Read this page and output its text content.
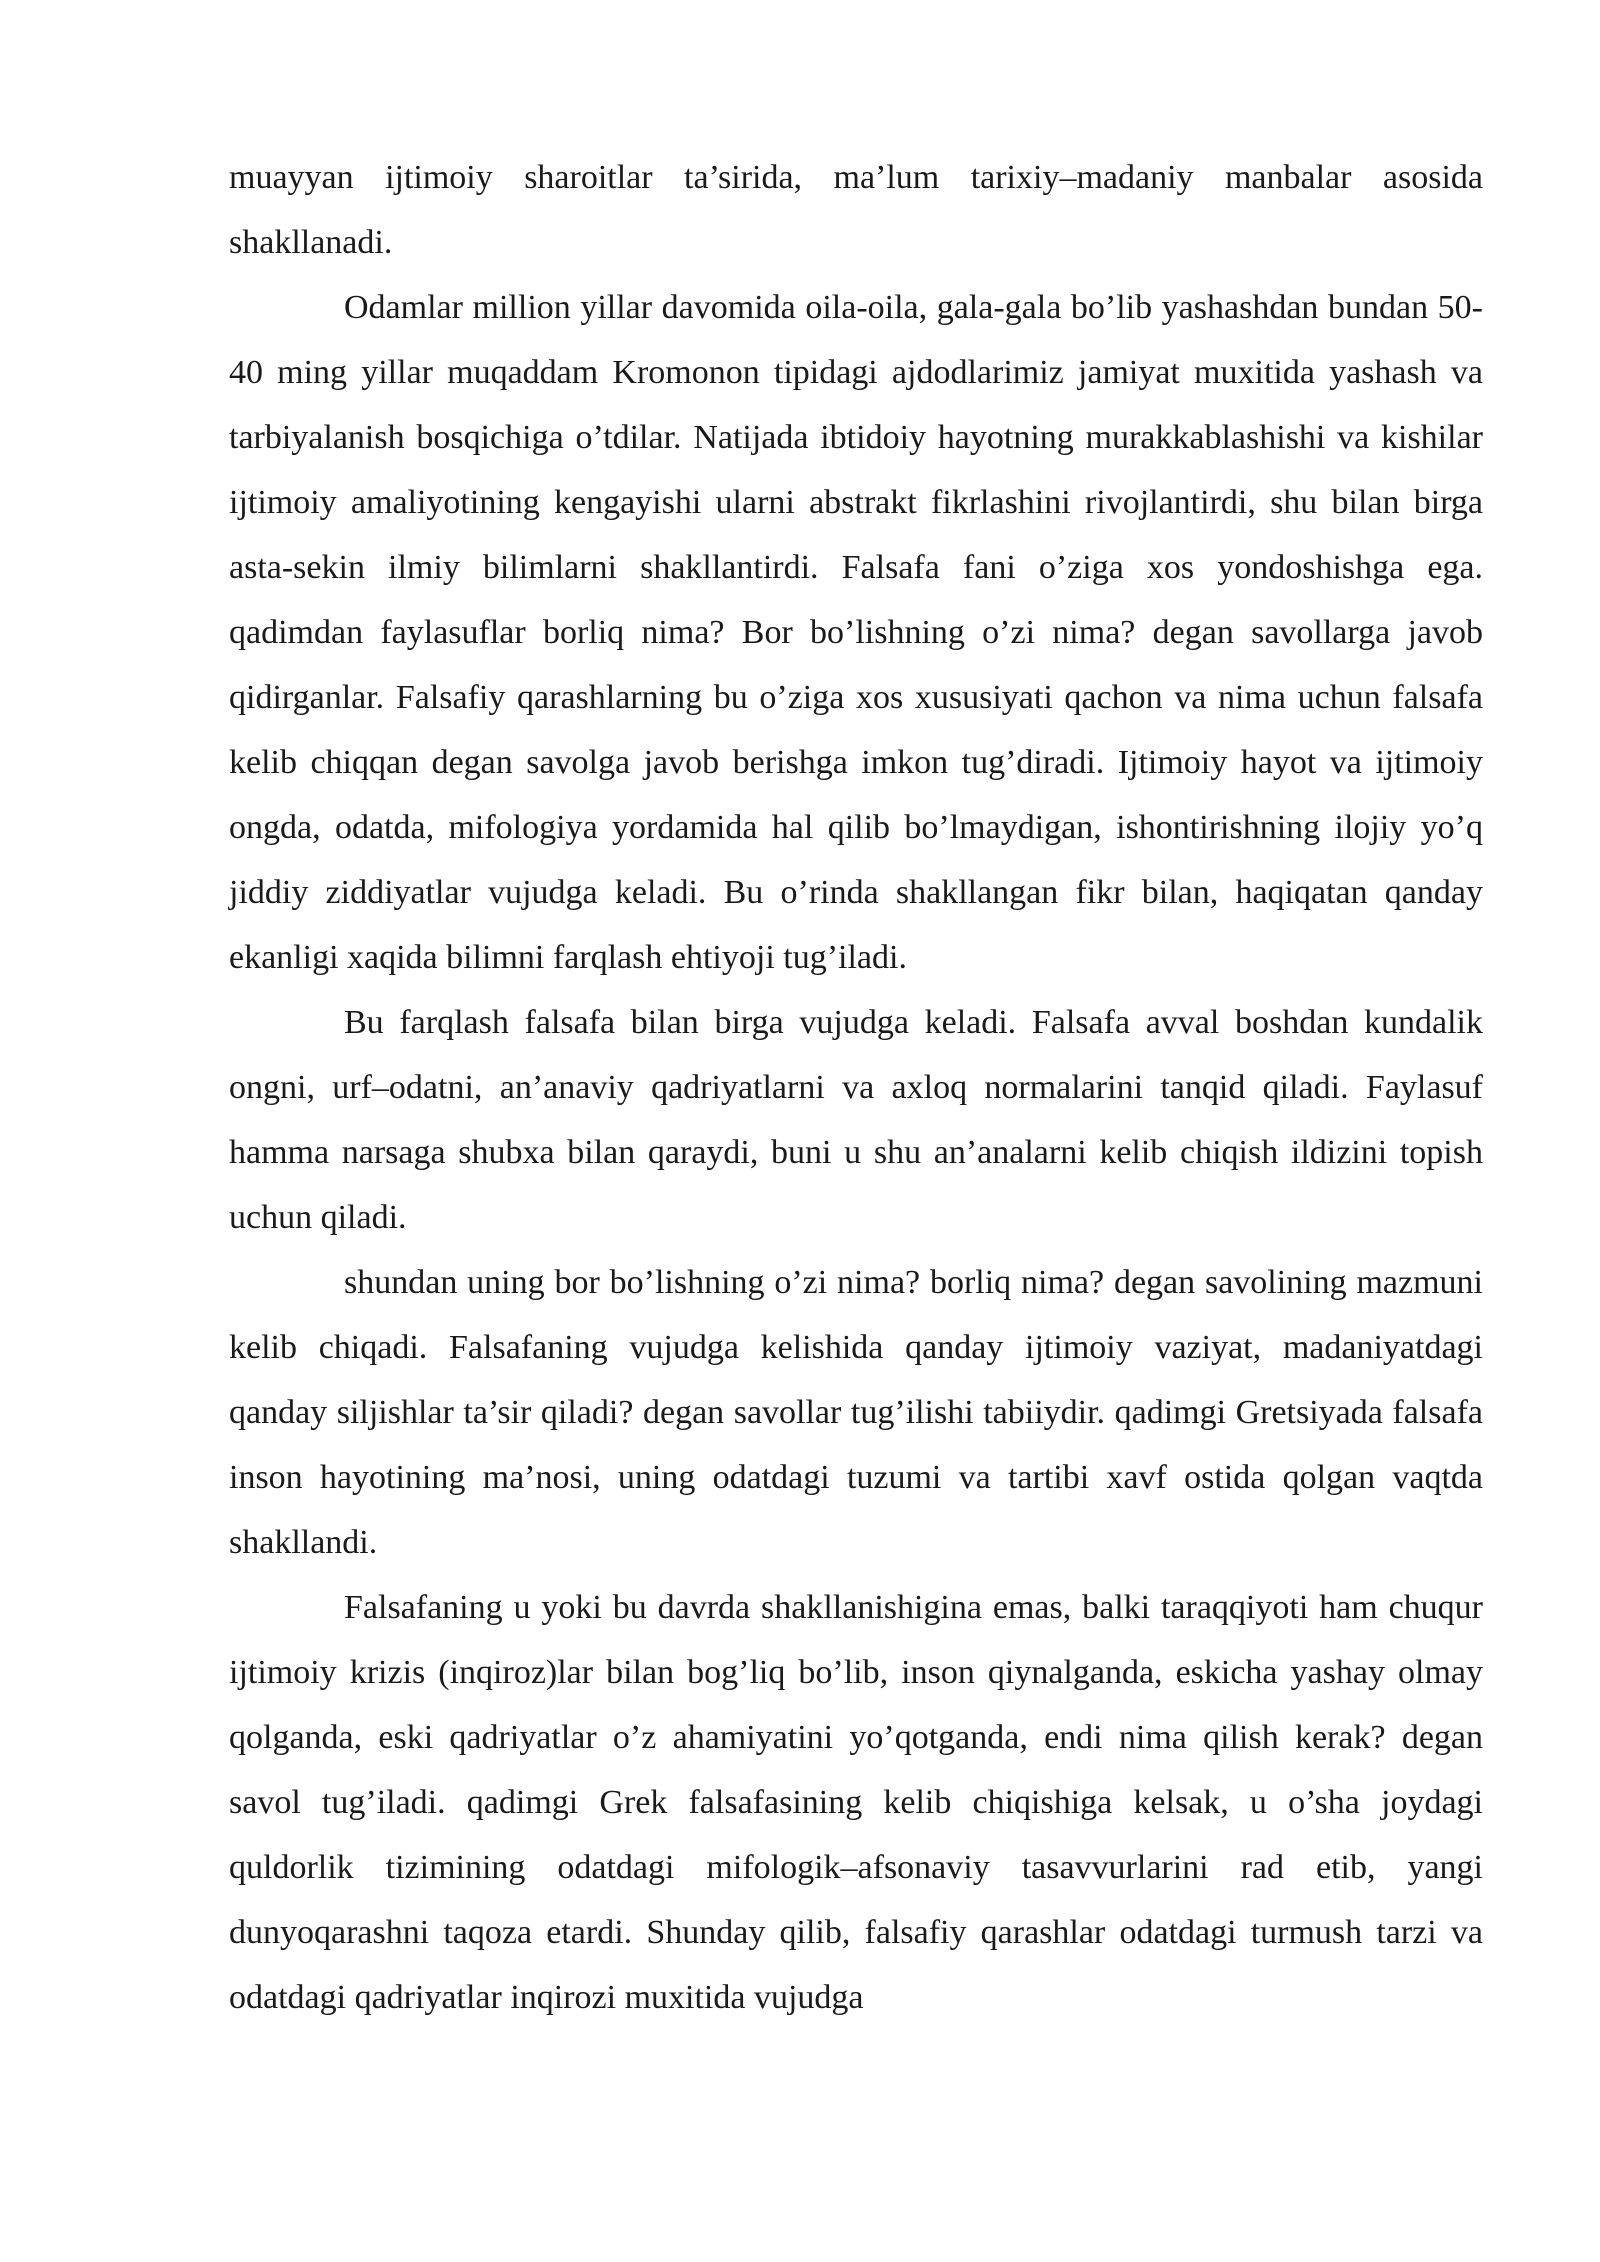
muayyan ijtimoiy sharoitlar ta’sirida, ma’lum tarixiy–madaniy manbalar asosida shakllanadi.

Odamlar million yillar davomida oila-oila, gala-gala bo’lib yashashdan bundan 50-40 ming yillar muqaddam Kromonon tipidagi ajdodlarimiz jamiyat muxitida yashash va tarbiyalanish bosqichiga o’tdilar. Natijada ibtidoiy hayotning murakkablashishi va kishilar ijtimoiy amaliyotining kengayishi ularni abstrakt fikrlashini rivojlantirdi, shu bilan birga asta-sekin ilmiy bilimlarni shakllantirdi. Falsafa fani o’ziga xos yondoshishga ega. qadimdan faylasuflar borliq nima? Bor bo’lishning o’zi nima? degan savollarga javob qidirganlar. Falsafiy qarashlarning bu o’ziga xos xususiyati qachon va nima uchun falsafa kelib chiqqan degan savolga javob berishga imkon tug’diradi. Ijtimoiy hayot va ijtimoiy ongda, odatda, mifologiya yordamida hal qilib bo’lmaydigan, ishontirishning ilojiy yo’q jiddiy ziddiyatlar vujudga keladi. Bu o’rinda shakllangan fikr bilan, haqiqatan qanday ekanligi xaqida bilimni farqlash ehtiyoji tug’iladi.

Bu farqlash falsafa bilan birga vujudga keladi. Falsafa avval boshdan kundalik ongni, urf–odatni, an’anaviy qadriyatlarni va axloq normalarini tanqid qiladi. Faylasuf hamma narsaga shubxa bilan qaraydi, buni u shu an’analarni kelib chiqish ildizini topish uchun qiladi.

shundan uning bor bo’lishning o’zi nima? borliq nima? degan savolining mazmuni kelib chiqadi. Falsafaning vujudga kelishida qanday ijtimoiy vaziyat, madaniyatdagi qanday siljishlar ta’sir qiladi? degan savollar tug’ilishi tabiiydir. qadimgi Gretsiyada falsafa inson hayotining ma’nosi, uning odatdagi tuzumi va tartibi xavf ostida qolgan vaqtda shakllandi.

Falsafaning u yoki bu davrda shakllanishigina emas, balki taraqqiyoti ham chuqur ijtimoiy krizis (inqiroz)lar bilan bog’liq bo’lib, inson qiynalganda, eskicha yashay olmay qolganda, eski qadriyatlar o’z ahamiyatini yo’qotganda, endi nima qilish kerak? degan savol tug’iladi. qadimgi Grek falsafasining kelib chiqishiga kelsak, u o’sha joydagi quldorlik tizimining odatdagi mifologik–afsonaviy tasavvurlarini rad etib, yangi dunyoqarashni taqoza etardi. Shunday qilib, falsafiy qarashlar odatdagi turmush tarzi va odatdagi qadriyatlar inqirozi muxitida vujudga
